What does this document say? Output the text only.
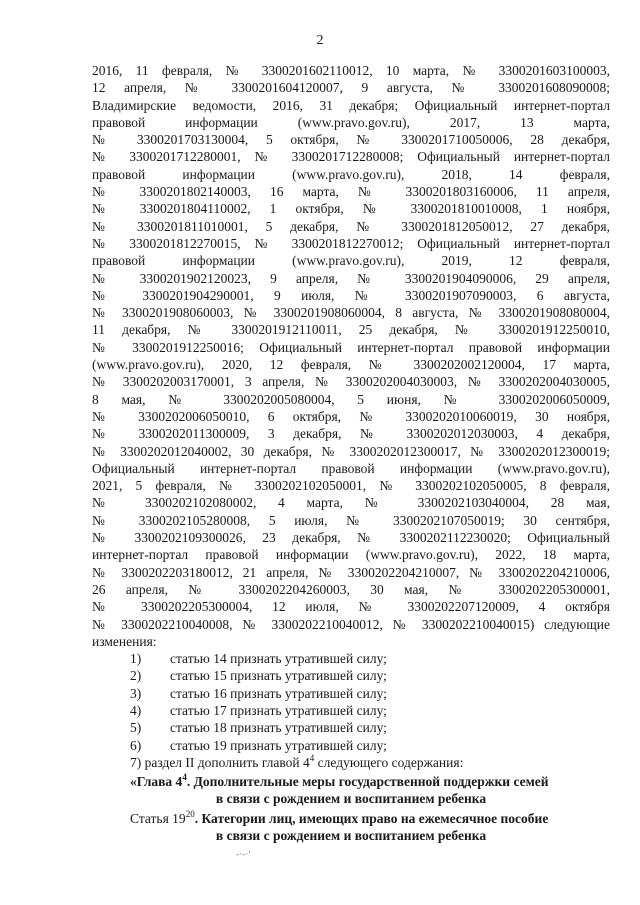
2
2016, 11 февраля, № 3300201602110012, 10 марта, № 3300201603100003,
12 апреля, № 3300201604120007, 9 августа, № 3300201608090008;
Владимирские ведомости, 2016, 31 декабря; Официальный интернет-портал
правовой информации (www.pravo.gov.ru), 2017, 13 марта,
№ 3300201703130004, 5 октября, № 3300201710050006, 28 декабря,
№ 3300201712280001, № 3300201712280008; Официальный интернет-портал
правовой информации (www.pravo.gov.ru), 2018, 14 февраля,
№ 3300201802140003, 16 марта, № 3300201803160006, 11 апреля,
№ 3300201804110002, 1 октября, № 3300201810010008, 1 ноября,
№ 3300201811010001, 5 декабря, № 3300201812050012, 27 декабря,
№ 3300201812270015, № 3300201812270012; Официальный интернет-портал
правовой информации (www.pravo.gov.ru), 2019, 12 февраля,
№ 3300201902120023, 9 апреля, № 3300201904090006, 29 апреля,
№ 3300201904290001, 9 июля, № 3300201907090003, 6 августа,
№ 3300201908060003, № 3300201908060004, 8 августа, № 3300201908080004,
11 декабря, № 3300201912110011, 25 декабря, № 3300201912250010,
№ 3300201912250016; Официальный интернет-портал правовой информации
(www.pravo.gov.ru), 2020, 12 февраля, № 3300202002120004, 17 марта,
№ 3300202003170001, 3 апреля, № 3300202004030003, № 3300202004030005,
8 мая, № 3300202005080004, 5 июня, № 3300202006050009,
№ 3300202006050010, 6 октября, № 3300202010060019, 30 ноября,
№ 3300202011300009, 3 декабря, № 3300202012030003, 4 декабря,
№ 3300202012040002, 30 декабря, № 3300202012300017, № 3300202012300019;
Официальный интернет-портал правовой информации (www.pravo.gov.ru),
2021, 5 февраля, № 3300202102050001, № 3300202102050005, 8 февраля,
№ 3300202102080002, 4 марта, № 3300202103040004, 28 мая,
№ 3300202105280008, 5 июля, № 3300202107050019; 30 сентября,
№ 3300202109300026, 23 декабря, № 3300202112230020; Официальный
интернет-портал правовой информации (www.pravo.gov.ru), 2022, 18 марта,
№ 3300202203180012, 21 апреля, № 3300202204210007, № 3300202204210006,
26 апреля, № 3300202204260003, 30 мая, № 3300202205300001,
№ 3300202205300004, 12 июля, № 3300202207120009, 4 октября
№ 3300202210040008, № 3300202210040012, № 3300202210040015) следующие
изменения:
1) статью 14 признать утратившей силу;
2) статью 15 признать утратившей силу;
3) статью 16 признать утратившей силу;
4) статью 17 признать утратившей силу;
5) статью 18 признать утратившей силу;
6) статью 19 признать утратившей силу;
7) раздел II дополнить главой $4^4$ следующего содержания:
«Глава $4^4$. Дополнительные меры государственной поддержки семей
в связи с рождением и воспитанием ребенка
Статья $19^{20}$. Категории лиц, имеющих право на ежемесячное пособие
в связи с рождением и воспитанием ребенка
-·-·'
